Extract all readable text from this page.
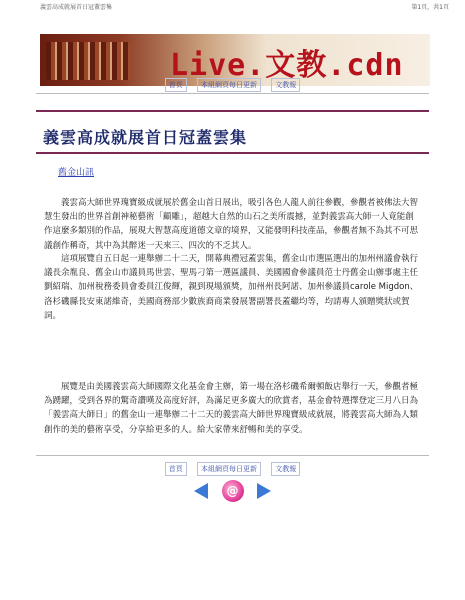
義雲高成就展首日冠蓋雲集	第1頁，共1頁
Live.文教.cdn
首頁	本組網頁每日更新	文教報
義雲高成就展首日冠蓋雲集
舊金山訊

義雲高大師世界瑰寶級成就展於舊金山首日展出，吸引各色人龍人前往參觀，參觀者被佛法大智慧生發出的世界首創神秘藝術「顧雕」，超越大自然的山石之美所震撼，並對義雲高大師一人竟能創作這麼多類別的作品，展現大智慧高度道德文章的境界，又能發明科技產品，參觀者無不為其不可思議創作稱奇，其中為其醉迷一天來三、四次的不乏其人。

這項展覽自五日起一連舉辦二十二天，開幕典禮冠蓋雲集，舊金山市選區選出的加州州議會執行議長余胤良、舊金山市議員馬世雲、聖馬刁第一選區議員、美國國會參議員范士丹舊金山辦事處主任劉紹瑞、加州稅務委員會委員江俊輝，親到現場頒獎，加州州長阿諾、加州參議員carole Migdon、洛杉磯縣長安東諾維奇，美國商務部少數族裔商業發展署副署長蓋繼均等，均請專人頒贈獎狀或賀詞。

展覽是由美國義雲高大師國際文化基金會主辦，第一場在洛杉磯希爾頓飯店舉行一天，參觀者極為踴躍，受到各界的驚奇讚嘆及高度好評，為滿足更多廣大的欣賞者，基金會特選擇登定三月八日為「義雲高大師日」的舊金山一連舉辦二十二天的義雲高大師世界瑰寶級成就展，將義雲高大師為人類創作的美的藝術享受，分享給更多的人。給大家帶來舒暢和美的享受。

首頁	本組網頁每日更新	文教報
@
